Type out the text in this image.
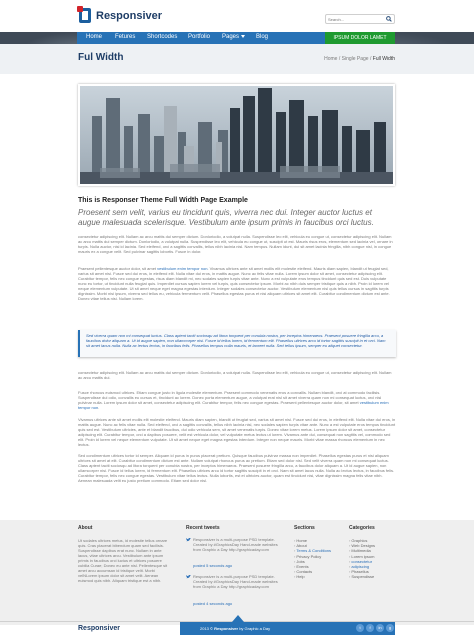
Responsiver
Search...
Home Fetures Shortcodes Portfolio Pages	Blog	IPSUM DOLOR LAMET
Ful Width	Home / Single Page / Full Width
This is Responser Theme Full Width Page Example
Proesent sem velit, varius eu tincidunt quis, viverra nec dui. Integer auctor luctus et augue malesuada scelerisque. Vestibulum ante ipsum primis in faucibus orci luctus.
consectetur adipiscing elit. Nullam ac arcu mattis dui semper dictum. Donloriodio, a volutpat nulla. Suspendisse leo elit, vehicula eu congue ut, consectetur adipiscing elit. Nullam ac arcu mattis dui semper dictum. Donloriodio, a volutpat nulla. Suspendisse leo elit, vehicula eu congue ut, suscipit ut est. Mauris risus eros, elementum sed lacinia vel, ornare in turpis. Nulla auctor, nisi id lacinia. Sed eleifend, orci a sagittis convallis, tellus nibh lacinia nisl. Nam tempus. Nullam idunt, dui sit amet lacinia fringilla, nibh congue nisl, in congue mauris ex a congue velit. Sed pulvinar sagittis lobortis. Fusce in dolor.
Praesent pellentesque auctor dolor, sit amet vestibulum enim tempor non. Vivamus ultrices ante sit amet mollis elit molestie eleifend. Mauris diam sapien, blandit ut feugiat sed, varius sit amet nisi. Fusce sed dui eros, in eleifend elit. Nulla vitae dui eros, in mattis augue. Nunc ac felis vitae nulla. Lorem ipsum dolor sit amet, consectetur adipiscing elit. Curabitur tempor, felis nec congue egestas, risus diam blandit mi, nec sodales sapien turpis vitae ante. Nunc a est vulputate eros tempus tincidunt quis sed est. Duis vulputate nunc eu tortor, ut tincidunt nulla feugiat quis. Imperdiet cursus sapien lorem vel turpis, quis consectetur ipsum. Morbi ac nibh duis semper tristique quis a nibh. Proin id lorem vel neque elementum vulputate. Ut sit amet neque eget magna egestas interdum. Integer sodales consectetur auctor. Vestibulum elementum nisl quis tellus cursus in sagittis turpis dignissim. Morbi nisi ipsum, viverra sed tellus eu, vehicula fermentum velit. Phasellus egestas purus et nisi aliquam ultrices sit amet elit. Curabitur condimentum dictum est ante. Donec vitae tellus nisi. Nullam lorem.
Sed viverra quam non mi consequat luctus. Class aptent taciti sociosqu ad litora torquent per conubia nostra, per inceptos himenaeos. Praesent posuere fringilla arcu, a faucibus dolor aliquam a. Ut id augue sapien, non ullamcorper nisi. Fusce id tellus lorem, id fermentum elit. Phasellus ultrices arcu id tortor sagittis suscipit in et orci. Nam sit amet lacus nulla. Nulla ac lectus lectus, in faucibus felis. Phasellus tempus nulla mauris, et laoreet nulla. Sed tellus ipsum, semper eu aliquet consectetur.
consectetur adipiscing elit. Nullam ac arcu mattis dui semper dictum. Donloriodio, a volutpat nulla. Suspendisse leo elit, vehicula eu congue ut, consectetur adipiscing elit. Nullam ac arcu mattis dui.
Fusce rhoncus euismod ultrices. Etiam congue justo in ligula molestie elementum. Praesent commodo venenatis eros a convallis. Nullam blandit, orci at commodo facilisis. Suspendisse dui odio, convallis eu cursus et, tincidunt ac lorem. Donec porta elementum augue, a volutpat erat nisl sit amet viverra quam non mi consequat luctus, orci nisl pulvinar nulla. Lorem ipsum dolor sit amet, consectetur adipiscing elit. Curabitur tempor, felis nec congue egestas. Praesent pellentesque auctor dolor, sit amet vestibulum enim tempor non.
Vivamus ultrices ante sit amet mollis elit molestie eleifend. Mauris diam sapien, blandit ut feugiat sed, varius sit amet nisi. Fusce sed dui eros, in eleifend elit. Nulla vitae dui eros, in mattis augue. Nunc ac felis vitae nulla. Sed eleifend, orci a sagittis convallis, tellus nibh lacinia nisl, nec sodales sapien turpis vitae ante. Nunc a est vulputate eros tempus tincidunt quis sed est. Vestibulum ultricies, ante et blandit faucibus, dui odio vehicula sem, sit amet venenatis turpis. Donec vitae lorem metus. Lorem ipsum dolor sit amet, consectetur adipiscing elit. Curabitur tempor, orci a dapibus posuere, velit est vehicula dolor, vel vulputate metus lectus ut lorem. Vivamus ante dui, consequat non sagittis vel, commodo sed elit. Proin id lorem vel neque elementum vulputate. Ut sit amet neque eget magna egestas interdum. Integer non neque mauris. Morbi vitae massa rhoncus elementum in nec lectus.
Sed condimentum ultrices tortor id semper. Aliquam id purus in purus placerat pretium. Quisque faucibus pulvinar massa non imperdiet. Phasellus egestas purus et nisi aliquam ultrices sit amet at elit. Curabitur condimentum dictum est ante. Nullam volutpat rhoncus purus ac pretium. Etiam sed dolor nisl. Sed velit viverra quam non mi consequat luctus. Class aptent taciti sociosqu ad litora torquent per conubia nostra, per inceptos himenaeos. Praesent posuere fringilla arcu, a faucibus dolor aliquam a. Ut id augue sapien, non ullamcorper nisi. Fusce id tellus lorem, id fermentum elit. Phasellus ultrices arcu id tortor sagittis suscipit in et orci. Nam sit amet lacus nulla. Nulla ac lectus lectus, in faucibus felis. Curabitur tempor, felis nec congue egestas. Vestibulum vitae tellus lectus. Nulla lobortis, est et ultricies auctor, quam est tincidunt nisi, vitae dignissim magna felis vitae nibh. Aenean malesuada velit eu justo pretium commodo. Etiam sed dolor nisl.
About
Ut sodales ultrices metus, id molestie tellus ornare quis. Cras placerat bibendum quam sed facilisis. Suspendisse dapibus erat nunc. Nullam in ante lacus, vitae ultrices arcu. Vestibulum ante ipsum primis in faucibus orci luctus et ultrices posuere cubilia Curae; Donec eu ante nisl. Pellentesque sit amet arcu accumsan id tristique velit. Morbi velNLorem ipsum dolor sit amet velit. Aenean euismod quis nibh. Aliquam tristique est a nibh.
Recent tweets
Responsiver is a multi-purpose PSD template. Created by #GraphicsDay Hand-made websites from Graphic a Day http://graphicaday.com
posted 5 seconds ago
Responsiver is a multi-purpose PSD template. Created by #GraphicsDay Hand-made websites from Graphic a Day http://graphicaday.com
posted 4 seconds ago
Sections
› Home
› About
› Terms & Conditions
› Privacy Policy
› Jobs
› Events
› Contacts
› Help
Categories
› Graphics
› Web Designs
› Multimedia
› Lorem ipsum
› consectetur
› adipiscing
› Phasellus
› Suspendisse
Responsiver	2013 © Responsiver by Graphic a Day	t	f	in	g
